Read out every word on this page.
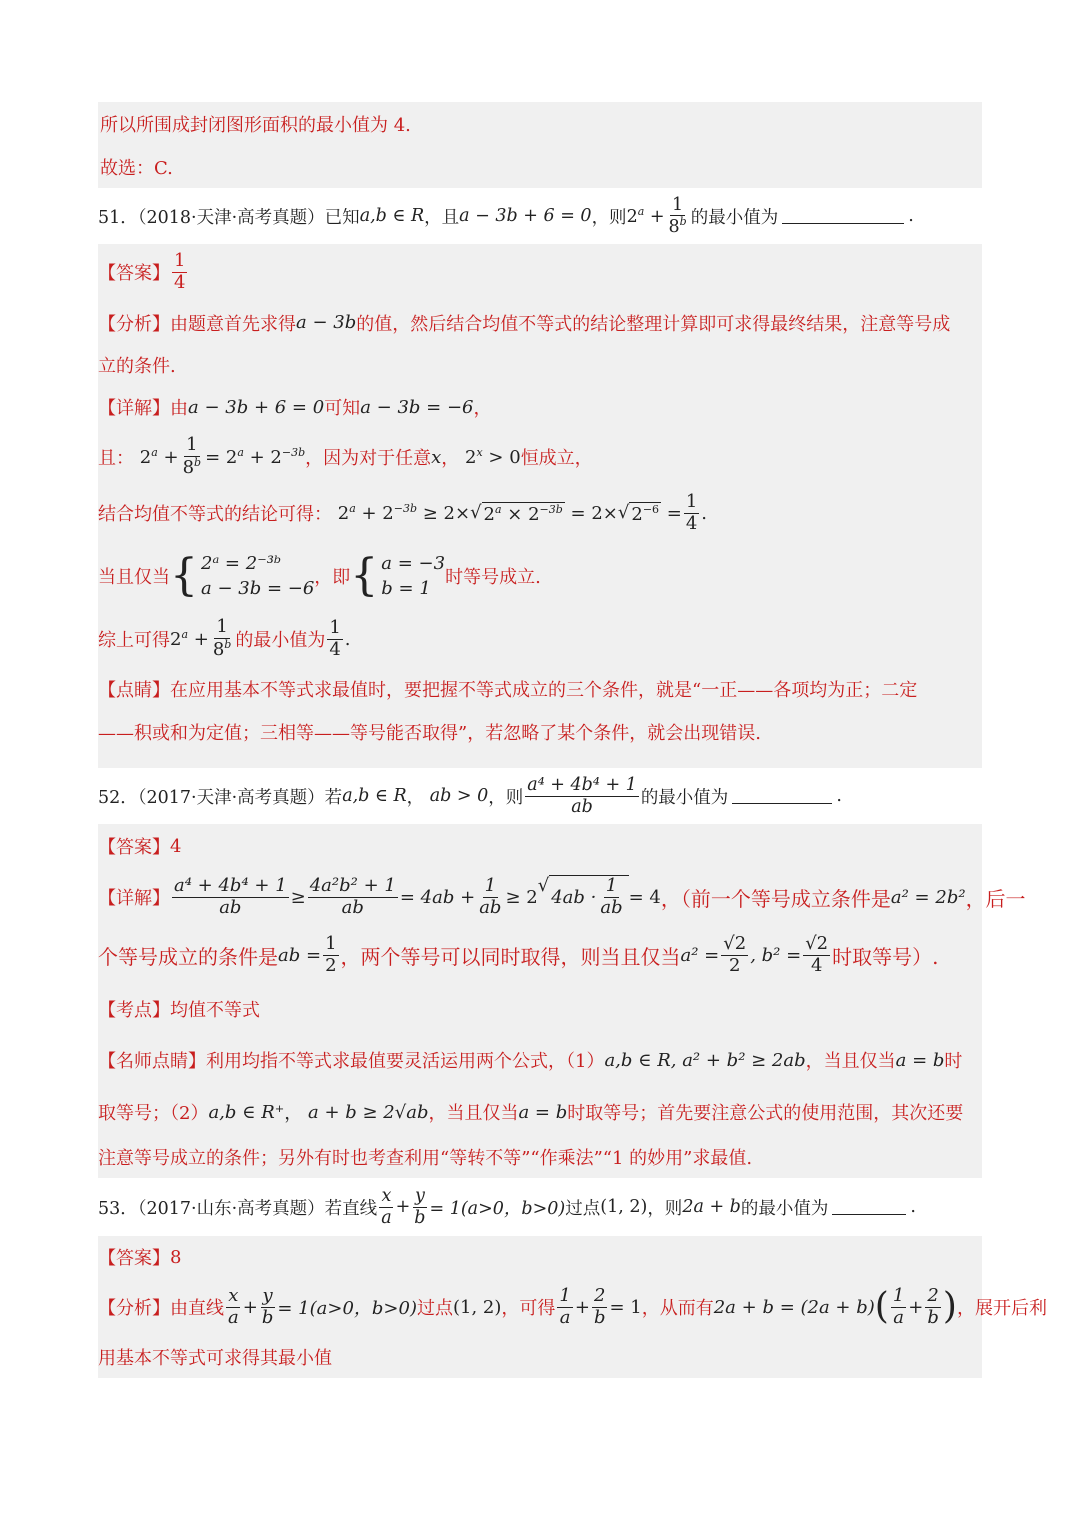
所以所围成封闭图形面积的最小值为 4.
故选：C.
51．（2018·天津·高考真题）已知 a,b ∈ R ，且 a − 3b + 6 = 0 ，则 $2^a + \frac{1}{8^b}$ 的最小值为	.
【答案】
1
4
【分析】 由题意首先求得 a − 3b 的值，然后结合均值不等式的结论整理计算即可求得最终结果，注意等号成
立的条件.
【详解】 由 a − 3b + 6 = 0 可知 a − 3b = −6 ，
且： $2^a + \frac{1}{8^b} = 2^a + 2^{-3b}$ ，因为对于任意 x ， $2^x > 0$ 恒成立，
结合均值不等式的结论可得： $2^a + 2^{-3b} \ge 2\times$ √ $2^a \times 2^{-3b} = 2\times$ √ $2^{-6} = \frac{1}{4}$ .
当且仅当 { 2ᵃ = 2⁻³ᵇ
a − 3b = −6
，即 { a = −3
b = 1
时等号成立.
综上可得 $2^a + \frac{1}{8^b}$ 的最小值为
1
4 .
【点睛】 在应用基本不等式求最值时，要把握不等式成立的三个条件，就是“一正——各项均为正；二定
——积或和为定值；三相等——等号能否取得”，若忽略了某个条件，就会出现错误.
52．（2017·天津·高考真题）若 a,b ∈ R ， ab > 0 ，则
a⁴ + 4b⁴ + 1
ab	的最小值为	.
【答案】 4
【详解】 $\frac{\text{a⁴ + 4b⁴ + 1}}{ab} \ge \frac{\text{4a²b² + 1}}{ab} = 4ab + \frac{1}{ab} \ge 2$
√
4ab ·
1
ab = 4 ，（前一个等号成立条件是 a² = 2b² ，后一
个等号成立的条件是 ab = $\frac{1}{2}$ ，两个等号可以同时取得，则当且仅当 $a^2 = \frac{√2}{2}$ , $b^2 = \frac{√2}{4}$ 时取等号）.
【考点】 均值不等式
【名师点睛】 利用均指不等式求最值要灵活运用两个公式，（1） a,b ∈ R, a² + b² ≥ 2ab ，当且仅当 a = b 时
取等号；（2） a,b ∈ R⁺ ， a + b ≥ 2√ab ，当且仅当 a = b 时取等号；首先要注意公式的使用范围，其次还要
注意等号成立的条件；另外有时也考查利用“等转不等”“作乘法”“1 的妙用”求最值.
53．（2017·山东·高考真题）若直线
x
a
+ $\frac{y}{b} = 1(a>0$，b>0) 过点 (1, 2) ，则 2a + b 的最小值为	.
【答案】 8
【分析】 由直线
x
$a + \frac{y}{b} = 1(a>0$，b>0) 过点 (1, 2) ，可得
1
$a + \frac{2}{b} = 1$ ，从而有 2a + b = (2a + b) ( 1
a +
2
b ) ，展开后利
用基本不等式可求得其最小值
